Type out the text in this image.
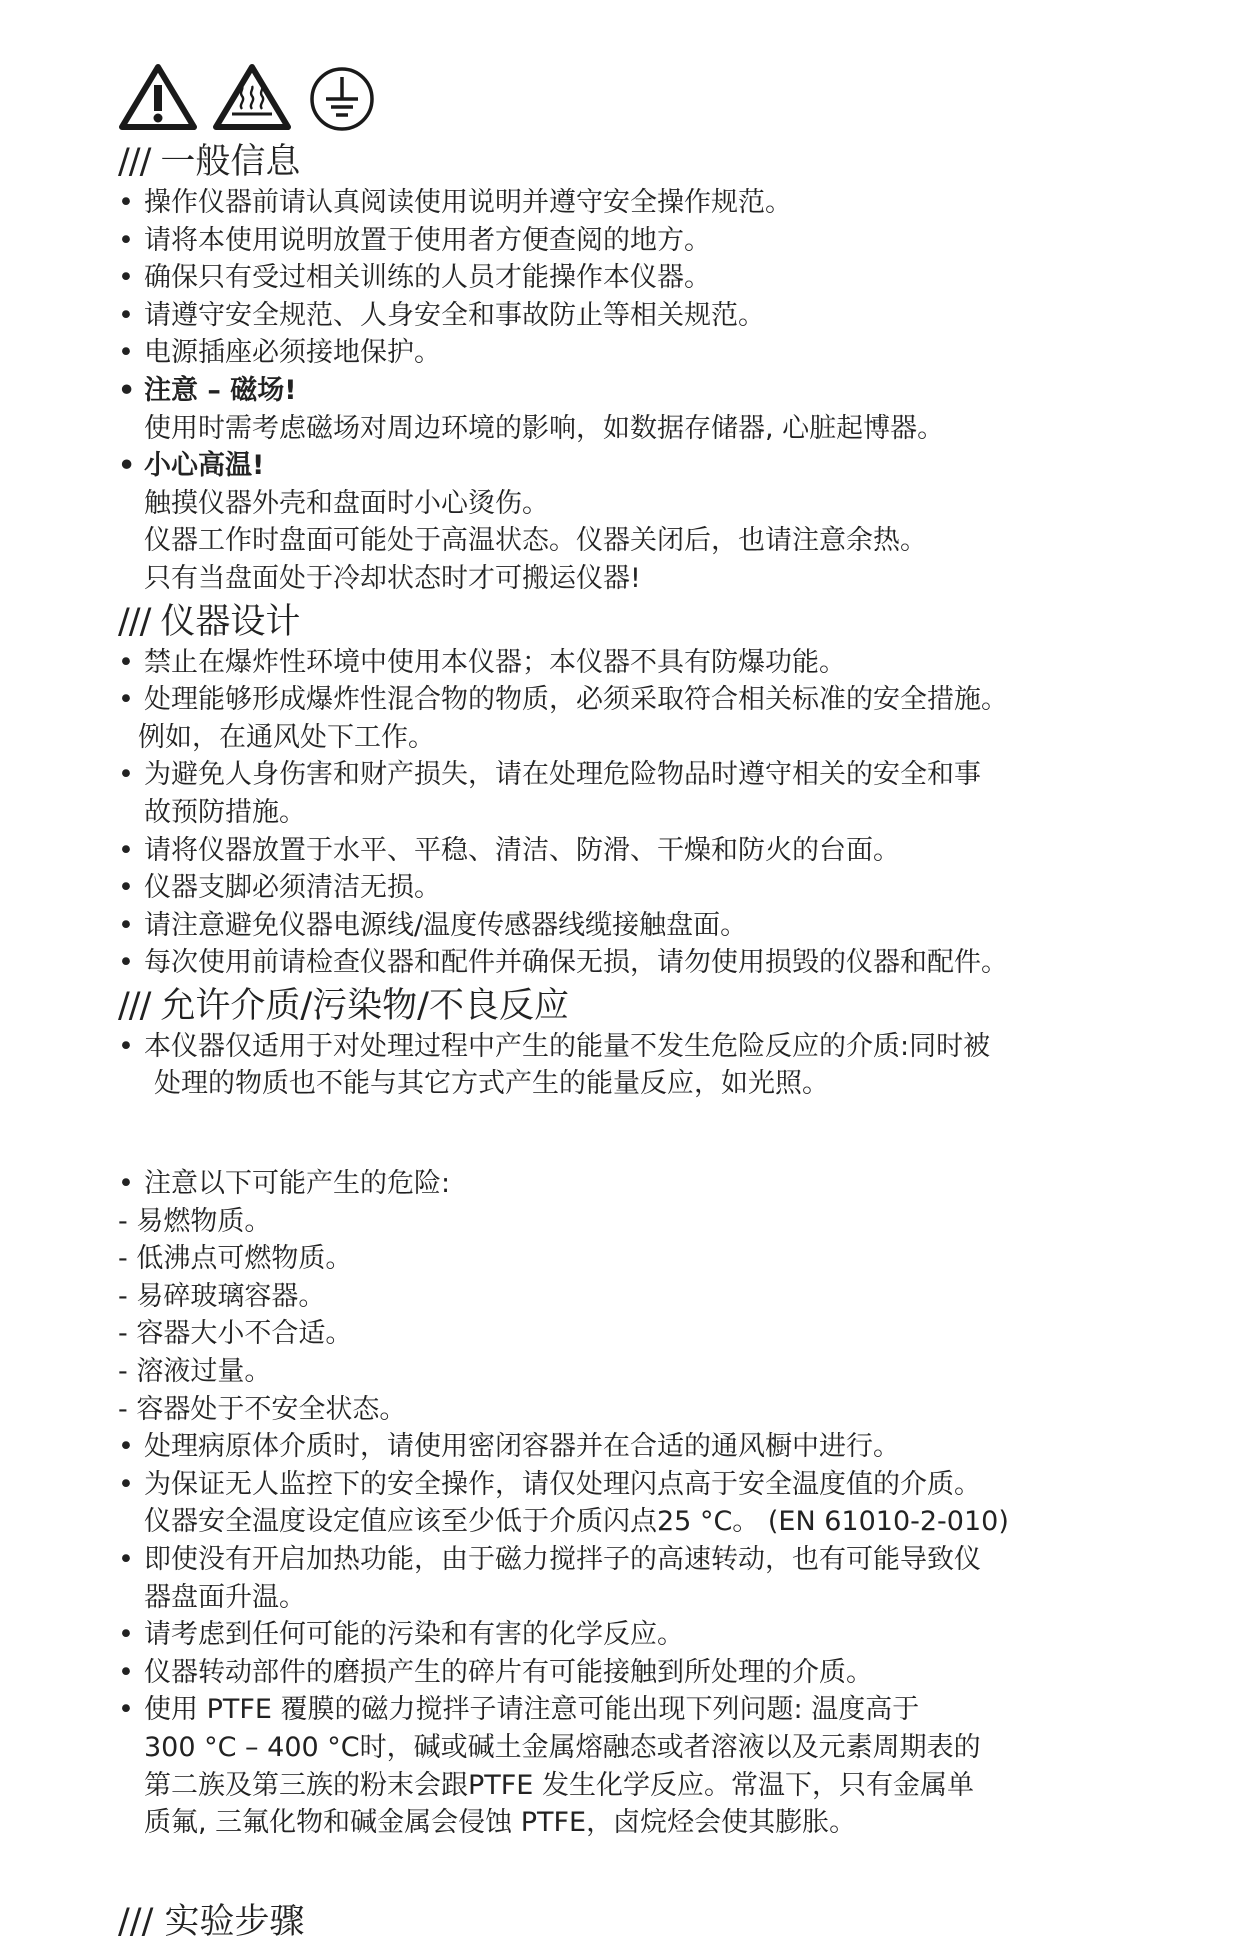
/// 一般信息
• 操作仪器前请认真阅读使用说明并遵守安全操作规范。
• 请将本使用说明放置于使用者方便查阅的地方。
• 确保只有受过相关训练的人员才能操作本仪器。
• 请遵守安全规范、人身安全和事故防止等相关规范。
• 电源插座必须接地保护。
• 注意 – 磁场!
使用时需考虑磁场对周边环境的影响，如数据存储器, 心脏起博器。
• 小心高温!
触摸仪器外壳和盘面时小心烫伤。
仪器工作时盘面可能处于高温状态。仪器关闭后，也请注意余热。
只有当盘面处于冷却状态时才可搬运仪器!
/// 仪器设计
• 禁止在爆炸性环境中使用本仪器；本仪器不具有防爆功能。
• 处理能够形成爆炸性混合物的物质，必须采取符合相关标准的安全措施。
例如，在通风处下工作。
• 为避免人身伤害和财产损失，请在处理危险物品时遵守相关的安全和事
故预防措施。
• 请将仪器放置于水平、平稳、清洁、防滑、干燥和防火的台面。
• 仪器支脚必须清洁无损。
• 请注意避免仪器电源线/温度传感器线缆接触盘面。
• 每次使用前请检查仪器和配件并确保无损，请勿使用损毁的仪器和配件。
/// 允许介质/污染物/不良反应
• 本仪器仅适用于对处理过程中产生的能量不发生危险反应的介质:同时被
处理的物质也不能与其它方式产生的能量反应，如光照。
• 注意以下可能产生的危险:
- 易燃物质。
- 低沸点可燃物质。
- 易碎玻璃容器。
- 容器大小不合适。
- 溶液过量。
- 容器处于不安全状态。
• 处理病原体介质时，请使用密闭容器并在合适的通风橱中进行。
• 为保证无人监控下的安全操作，请仅处理闪点高于安全温度值的介质。
仪器安全温度设定值应该至少低于介质闪点25 °C。 (EN 61010-2-010)
• 即使没有开启加热功能，由于磁力搅拌子的高速转动，也有可能导致仪
器盘面升温。
• 请考虑到任何可能的污染和有害的化学反应。
• 仪器转动部件的磨损产生的碎片有可能接触到所处理的介质。
• 使用 PTFE 覆膜的磁力搅拌子请注意可能出现下列问题: 温度高于
300 °C – 400 °C时，碱或碱土金属熔融态或者溶液以及元素周期表的
第二族及第三族的粉末会跟PTFE 发生化学反应。常温下，只有金属单
质氟, 三氟化物和碱金属会侵蚀 PTFE，卤烷烃会使其膨胀。
/// 实验步骤
